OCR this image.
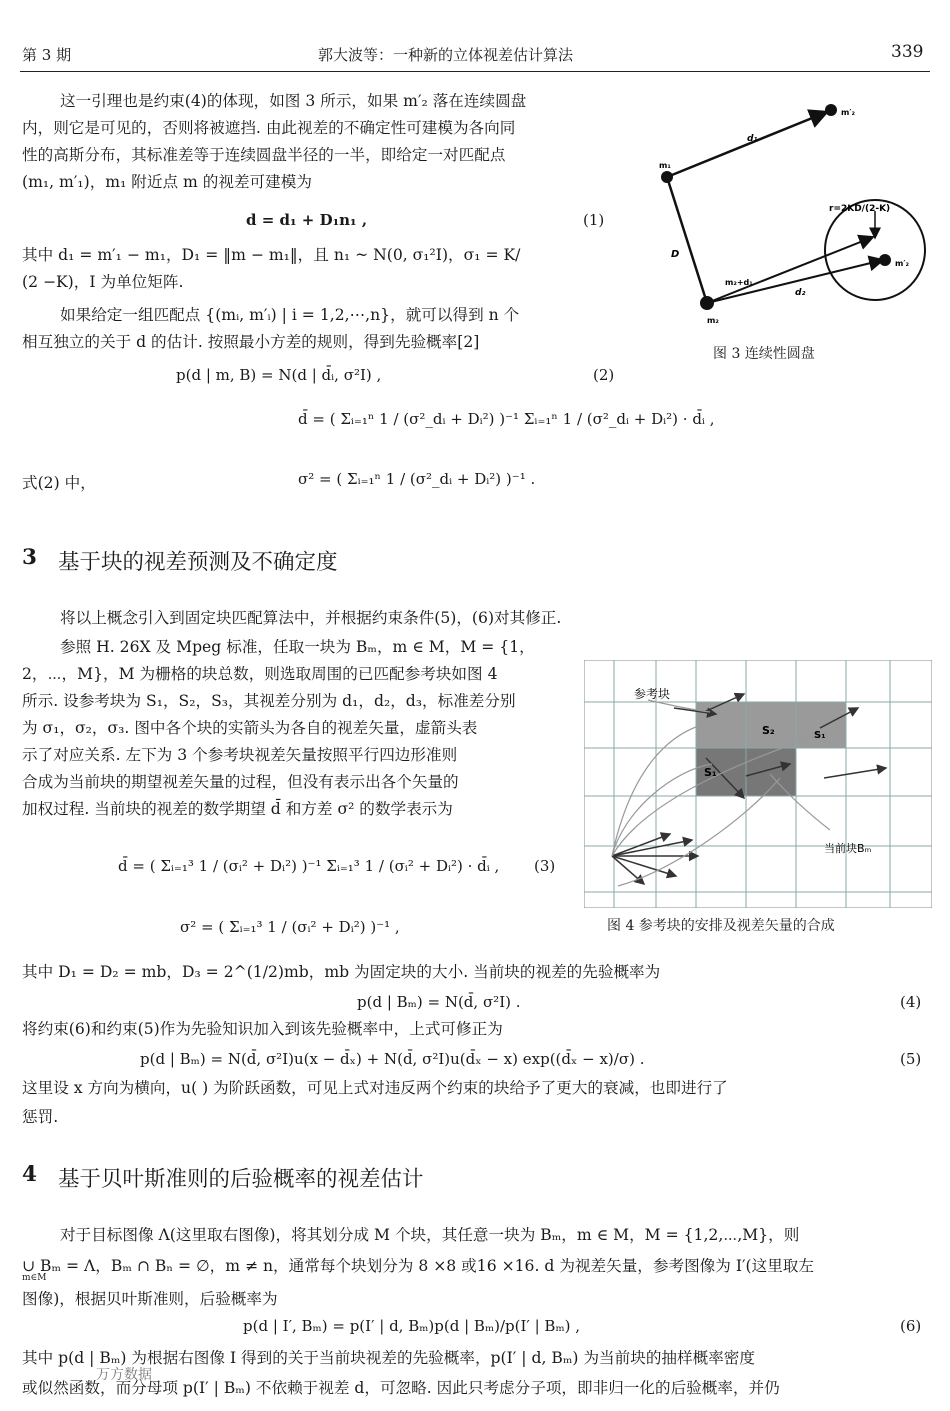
第 3 期	郭大波等：一种新的立体视差估计算法	339
这一引理也是约束(4)的体现，如图 3 所示，如果 m′₂ 落在连续圆盘
内，则它是可见的，否则将被遮挡. 由此视差的不确定性可建模为各向同
性的高斯分布，其标准差等于连续圆盘半径的一半，即给定一对匹配点
(m₁, m′₁)，m₁ 附近点 m 的视差可建模为
d = d₁ + D₁n₁ ,	(1)
其中 d₁ = m′₁ − m₁，D₁ = ‖m − m₁‖，且 n₁ ~ N(0, σ₁²I)，σ₁ = K/
(2 −K)，I 为单位矩阵.
如果给定一组匹配点 {(mᵢ, m′ᵢ) | i = 1,2,⋯,n}，就可以得到 n 个
相互独立的关于 d 的估计. 按照最小方差的规则，得到先验概率[2]
p(d | m, B) = N(d | d̄ᵢ, σ²I) ,	(2)
d̄ = ( Σᵢ₌₁ⁿ 1 / (σ²_dᵢ + Dᵢ²) )⁻¹ Σᵢ₌₁ⁿ 1 / (σ²_dᵢ + Dᵢ²) · d̄ᵢ ,
式(2) 中，	σ² = ( Σᵢ₌₁ⁿ 1 / (σ²_dᵢ + Dᵢ²) )⁻¹ .
m′₂
m₁
d₁
r=2KD/(2-K)
D
m₂+d₁
m′₂
d₂
m₂
图 3 连续性圆盘
3 基于块的视差预测及不确定度
将以上概念引入到固定块匹配算法中，并根据约束条件(5)，(6)对其修正.
参照 H. 26X 及 Mpeg 标准，任取一块为 Bₘ，m ∈ M，M = {1，
2，⋯，M}，M 为栅格的块总数，则选取周围的已匹配参考块如图 4
所示. 设参考块为 S₁，S₂，S₃，其视差分别为 d₁，d₂，d₃，标准差分别
为 σ₁，σ₂，σ₃. 图中各个块的实箭头为各自的视差矢量，虚箭头表
示了对应关系. 左下为 3 个参考块视差矢量按照平行四边形准则
合成为当前块的期望视差矢量的过程，但没有表示出各个矢量的
加权过程. 当前块的视差的数学期望 d̄ 和方差 σ² 的数学表示为
d̄ = ( Σᵢ₌₁³ 1 / (σᵢ² + Dᵢ²) )⁻¹ Σᵢ₌₁³ 1 / (σᵢ² + Dᵢ²) · d̄ᵢ , (3)
σ² = ( Σᵢ₌₁³ 1 / (σᵢ² + Dᵢ²) )⁻¹ ,
参考块
S₂	S₁
S₁
当前块Bₘ
图 4 参考块的安排及视差矢量的合成
其中 D₁ = D₂ = mb，D₃ = 2^(1/2)mb，mb 为固定块的大小. 当前块的视差的先验概率为
p(d | Bₘ) = N(d̄, σ²I) .	(4)
将约束(6)和约束(5)作为先验知识加入到该先验概率中，上式可修正为
p(d | Bₘ) = N(d̄, σ²I)u(x − d̄ₓ) + N(d̄, σ²I)u(d̄ₓ − x) exp((d̄ₓ − x)/σ) .	(5)
这里设 x 方向为横向，u( ) 为阶跃函数，可见上式对违反两个约束的块给予了更大的衰减，也即进行了
惩罚.
4 基于贝叶斯准则的后验概率的视差估计
对于目标图像 Λ(这里取右图像)，将其划分成 M 个块，其任意一块为 Bₘ，m ∈ M，M = {1,2,⋯,M}，则
∪ Bₘ = Λ，Bₘ ∩ Bₙ = ∅，m ≠ n，通常每个块划分为 8 ×8 或16 ×16. d 为视差矢量，参考图像为 I′(这里取左
m∈M
图像)，根据贝叶斯准则，后验概率为
p(d | I′, Bₘ) = p(I′ | d, Bₘ)p(d | Bₘ)/p(I′ | Bₘ) ,	(6)
其中 p(d | Bₘ) 为根据右图像 I 得到的关于当前块视差的先验概率，p(I′ | d, Bₘ) 为当前块的抽样概率密度
或似然函数，而分母项 p(I′ | Bₘ) 不依赖于视差 d，可忽略. 因此只考虑分子项，即非归一化的后验概率，并仍
万方数据
